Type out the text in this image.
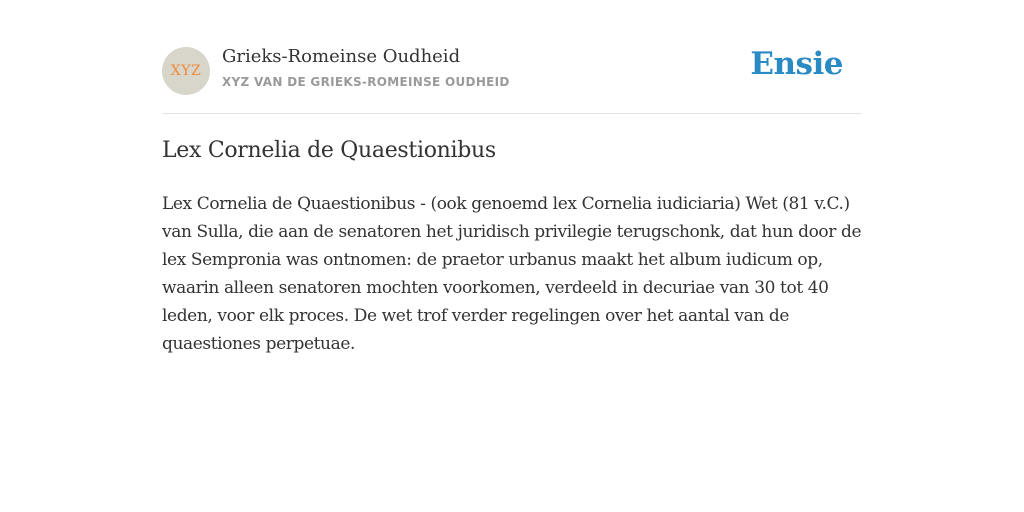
XYZ
Grieks-Romeinse Oudheid
XYZ VAN DE GRIEKS-ROMEINSE OUDHEID	Ensie
Lex Cornelia de Quaestionibus

Lex Cornelia de Quaestionibus - (ook genoemd lex Cornelia iudiciaria) Wet (81 v.C.) van Sulla, die aan de senatoren het juridisch privilegie terugschonk, dat hun door de lex Sempronia was ontnomen: de praetor urbanus maakt het album iudicum op, waarin alleen senatoren mochten voorkomen, verdeeld in decuriae van 30 tot 40 leden, voor elk proces. De wet trof verder regelingen over het aantal van de quaestiones perpetuae.
